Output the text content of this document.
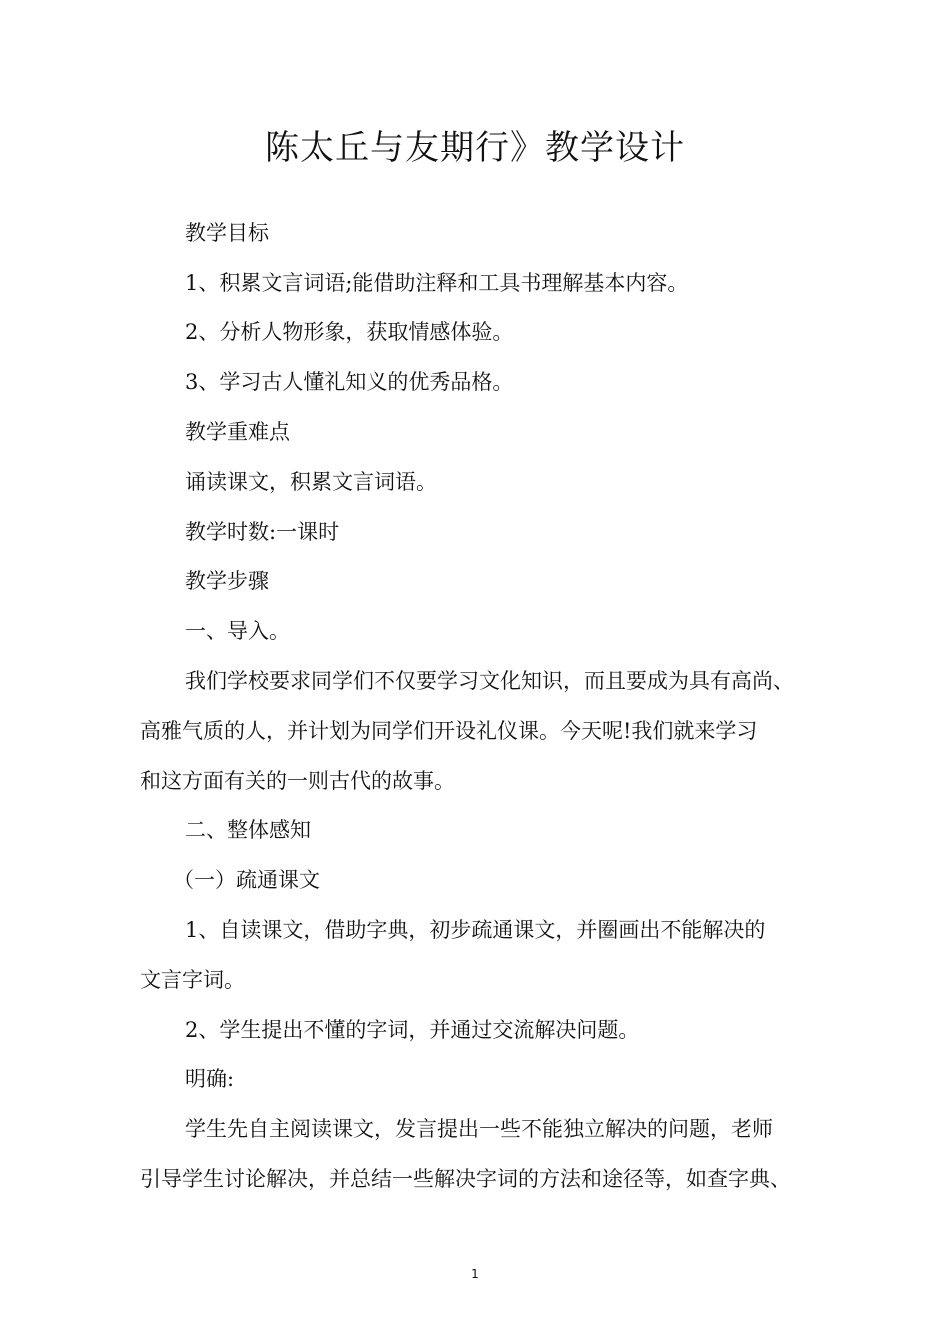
陈太丘与友期行》教学设计
教学目标
1、积累文言词语;能借助注释和工具书理解基本内容。
2、分析人物形象，获取情感体验。
3、学习古人懂礼知义的优秀品格。
教学重难点
诵读课文，积累文言词语。
教学时数:一课时
教学步骤
一、导入。
我们学校要求同学们不仅要学习文化知识，而且要成为具有高尚、
高雅气质的人，并计划为同学们开设礼仪课。今天呢!我们就来学习
和这方面有关的一则古代的故事。
二、整体感知
（一）疏通课文
1、自读课文，借助字典，初步疏通课文，并圈画出不能解决的
文言字词。
2、学生提出不懂的字词，并通过交流解决问题。
明确:
学生先自主阅读课文，发言提出一些不能独立解决的问题，老师
引导学生讨论解决，并总结一些解决字词的方法和途径等，如查字典、
1
